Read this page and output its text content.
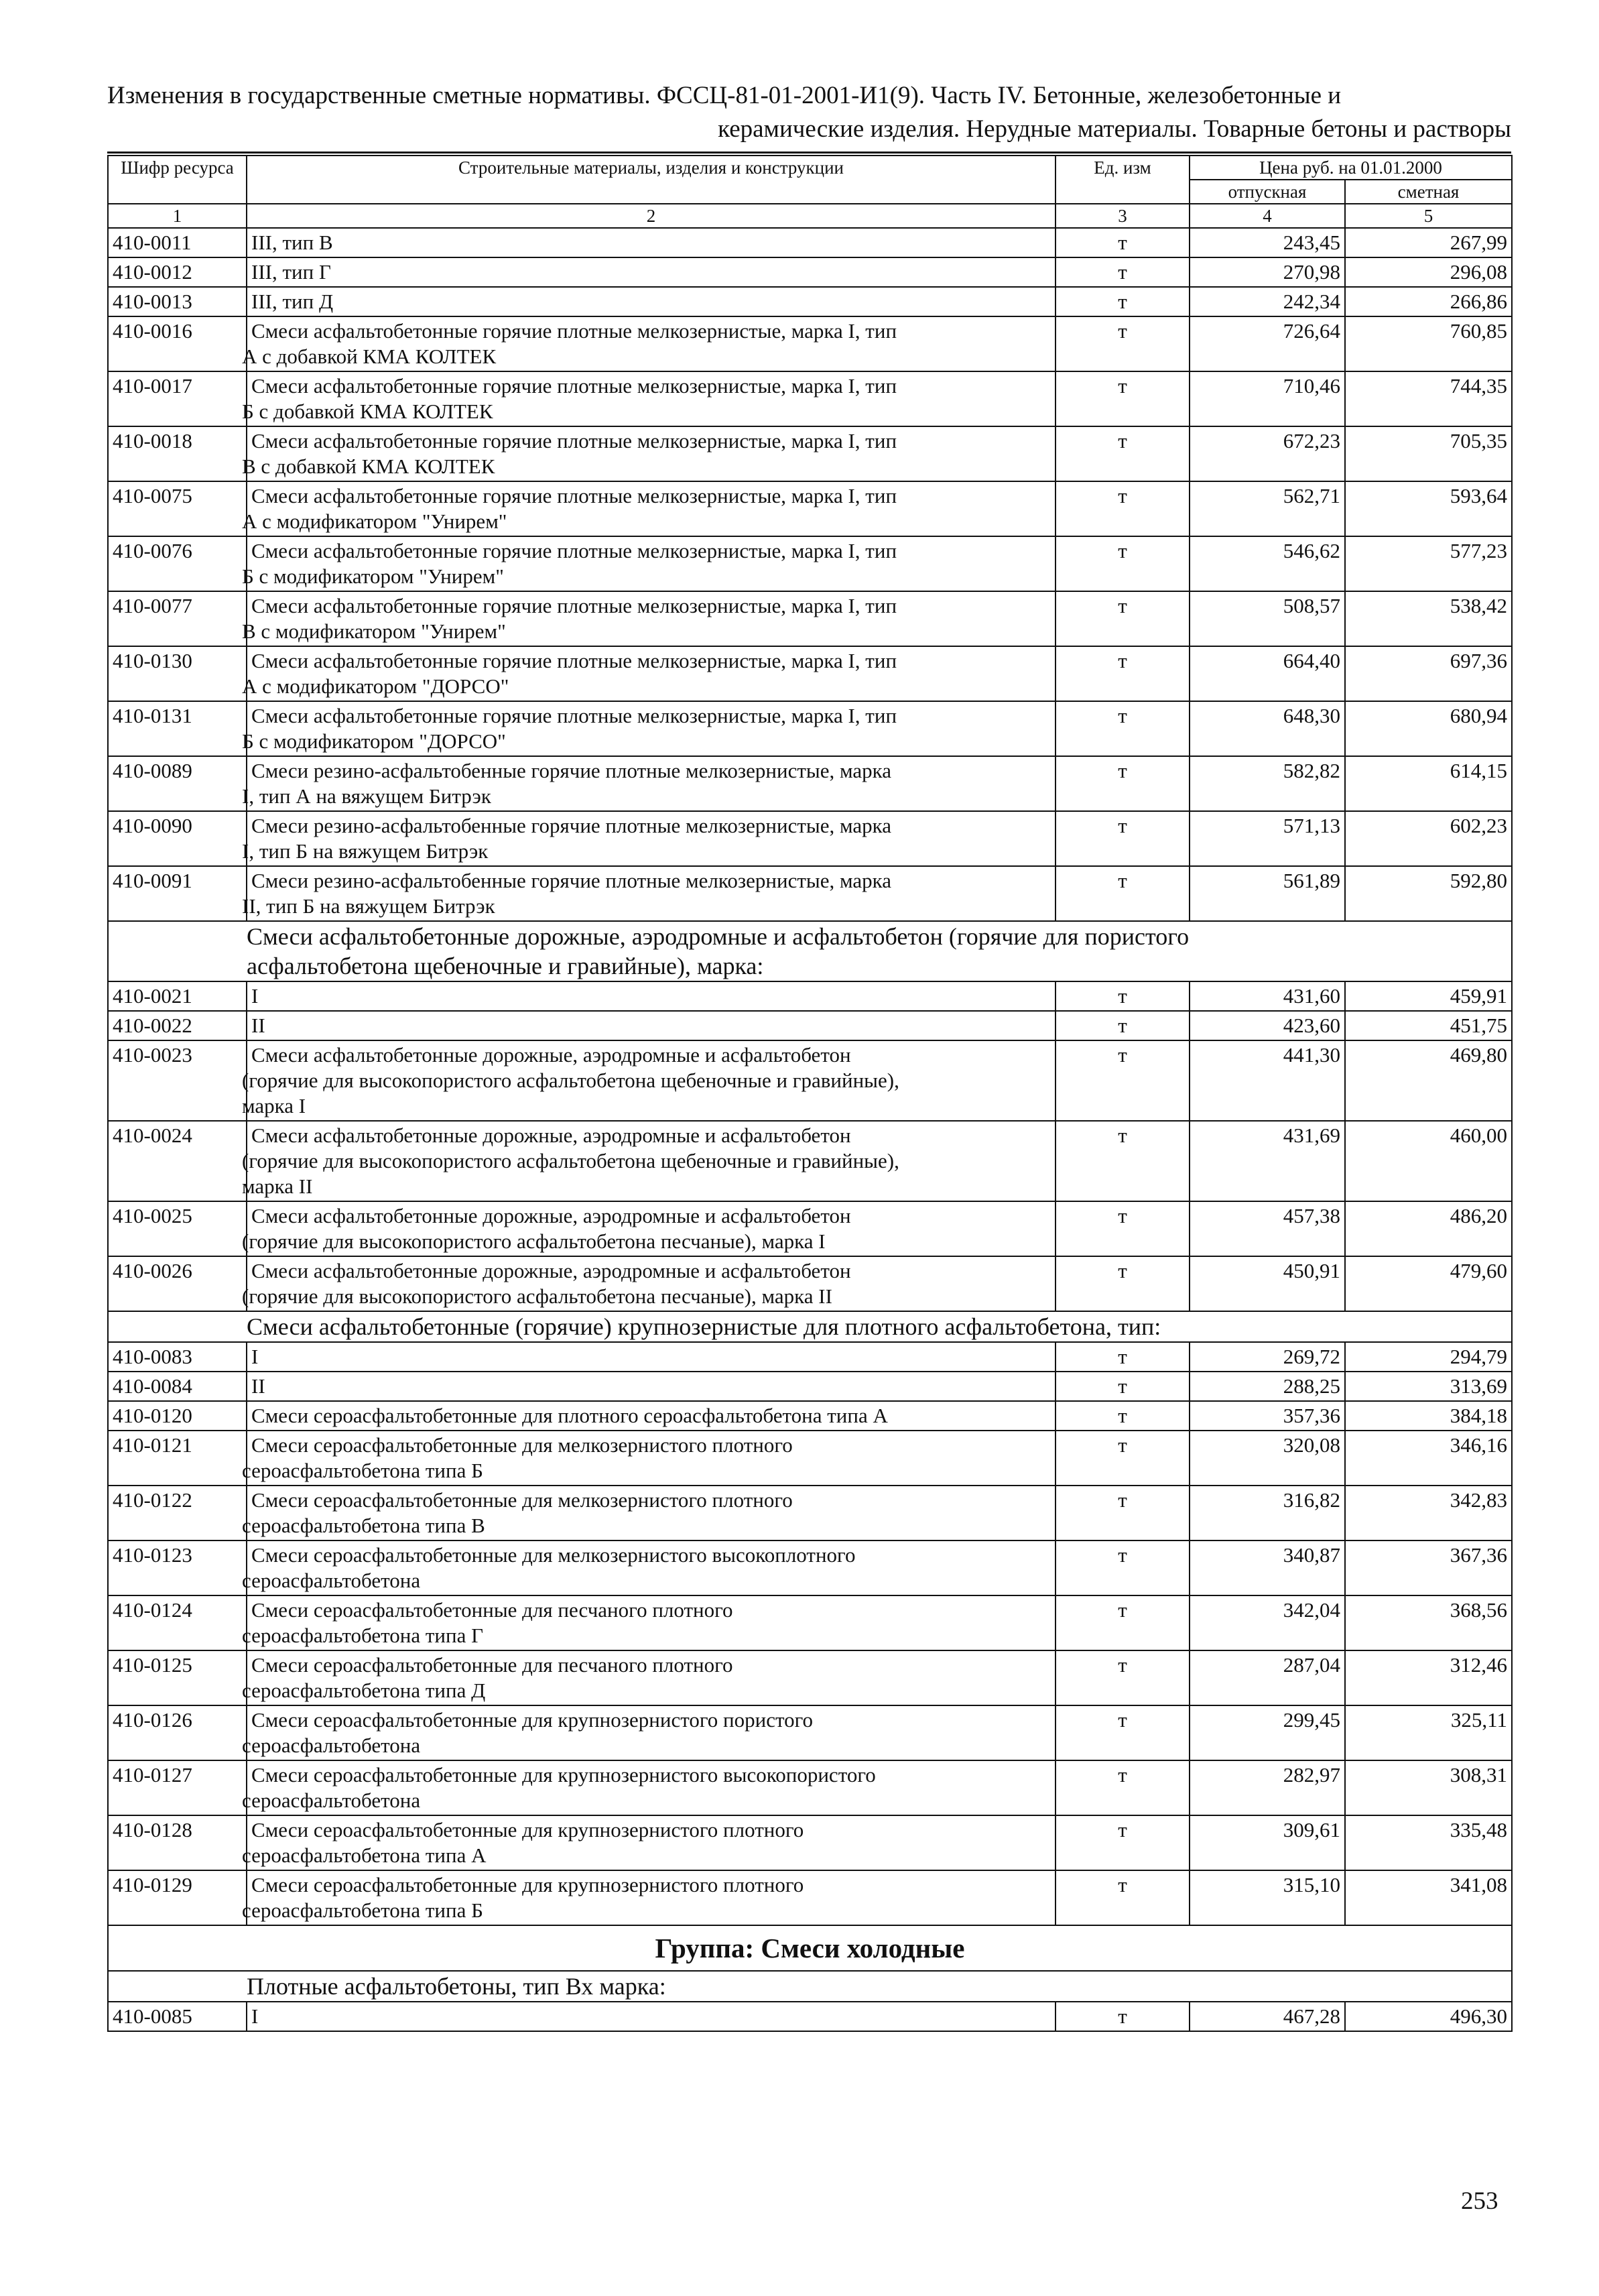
Изменения в государственные сметные нормативы. ФССЦ-81-01-2001-И1(9). Часть IV. Бетонные, железобетонные и
керамические изделия. Нерудные материалы. Товарные бетоны и растворы
Шифр ресурса	Строительные материалы, изделия и конструкции	Ед. изм	Цена руб. на 01.01.2000	
			отпускная	сметная
1	2	3	4	5
410-0011	III, тип В	т	243,45	267,99
410-0012	III, тип Г	т	270,98	296,08
410-0013	III, тип Д	т	242,34	266,86
410-0016	Смеси асфальтобетонные горячие плотные мелкозернистые, марка I, тип
А с добавкой КМА КОЛТЕК	т	726,64	760,85
410-0017	Смеси асфальтобетонные горячие плотные мелкозернистые, марка I, тип
Б с добавкой КМА КОЛТЕК	т	710,46	744,35
410-0018	Смеси асфальтобетонные горячие плотные мелкозернистые, марка I, тип
В с добавкой КМА КОЛТЕК	т	672,23	705,35
410-0075	Смеси асфальтобетонные горячие плотные мелкозернистые, марка I, тип
А с модификатором "Унирем"	т	562,71	593,64
410-0076	Смеси асфальтобетонные горячие плотные мелкозернистые, марка I, тип
Б с модификатором "Унирем"	т	546,62	577,23
410-0077	Смеси асфальтобетонные горячие плотные мелкозернистые, марка I, тип
В с модификатором "Унирем"	т	508,57	538,42
410-0130	Смеси асфальтобетонные горячие плотные мелкозернистые, марка I, тип
А с модификатором "ДОРСО"	т	664,40	697,36
410-0131	Смеси асфальтобетонные горячие плотные мелкозернистые, марка I, тип
Б с модификатором "ДОРСО"	т	648,30	680,94
410-0089	Смеси резино-асфальтобенные горячие плотные мелкозернистые, марка
I, тип А на вяжущем Битрэк	т	582,82	614,15
410-0090	Смеси резино-асфальтобенные горячие плотные мелкозернистые, марка
I, тип Б на вяжущем Битрэк	т	571,13	602,23
410-0091	Смеси резино-асфальтобенные горячие плотные мелкозернистые, марка
II, тип Б на вяжущем Битрэк	т	561,89	592,80

Смеси асфальтобетонные дорожные, аэродромные и асфальтобетон (горячие для пористого
асфальтобетона щебеночные и гравийные), марка:				

410-0021	I	т	431,60	459,91
410-0022	II	т	423,60	451,75
410-0023	Смеси асфальтобетонные дорожные, аэродромные и асфальтобетон
(горячие для высокопористого асфальтобетона щебеночные и гравийные),
марка I	т	441,30	469,80
410-0024	Смеси асфальтобетонные дорожные, аэродромные и асфальтобетон
(горячие для высокопористого асфальтобетона щебеночные и гравийные),
марка II	т	431,69	460,00
410-0025	Смеси асфальтобетонные дорожные, аэродромные и асфальтобетон
(горячие для высокопористого асфальтобетона песчаные), марка I	т	457,38	486,20
410-0026	Смеси асфальтобетонные дорожные, аэродромные и асфальтобетон
(горячие для высокопористого асфальтобетона песчаные), марка II	т	450,91	479,60
Смеси асфальтобетонные (горячие) крупнозернистые для плотного асфальтобетона, тип:				
410-0083	I	т	269,72	294,79
410-0084	II	т	288,25	313,69
410-0120	Смеси сероасфальтобетонные для плотного сероасфальтобетона типа А	т	357,36	384,18
410-0121	Смеси сероасфальтобетонные для мелкозернистого плотного
сероасфальтобетона типа Б	т	320,08	346,16
410-0122	Смеси сероасфальтобетонные для мелкозернистого плотного
сероасфальтобетона типа В	т	316,82	342,83
410-0123	Смеси сероасфальтобетонные для мелкозернистого высокоплотного
сероасфальтобетона	т	340,87	367,36
410-0124	Смеси сероасфальтобетонные для песчаного плотного
сероасфальтобетона типа Г	т	342,04	368,56
410-0125	Смеси сероасфальтобетонные для песчаного плотного
сероасфальтобетона типа Д	т	287,04	312,46
410-0126	Смеси сероасфальтобетонные для крупнозернистого пористого
сероасфальтобетона	т	299,45	325,11
410-0127	Смеси сероасфальтобетонные для крупнозернистого высокопористого
сероасфальтобетона	т	282,97	308,31
410-0128	Смеси сероасфальтобетонные для крупнозернистого плотного
сероасфальтобетона типа А	т	309,61	335,48
410-0129	Смеси сероасфальтобетонные для крупнозернистого плотного
сероасфальтобетона типа Б	т	315,10	341,08
Группа: Смеси холодные				
Плотные асфальтобетоны, тип Вх марка:				
410-0085	I	т	467,28	496,30
253
